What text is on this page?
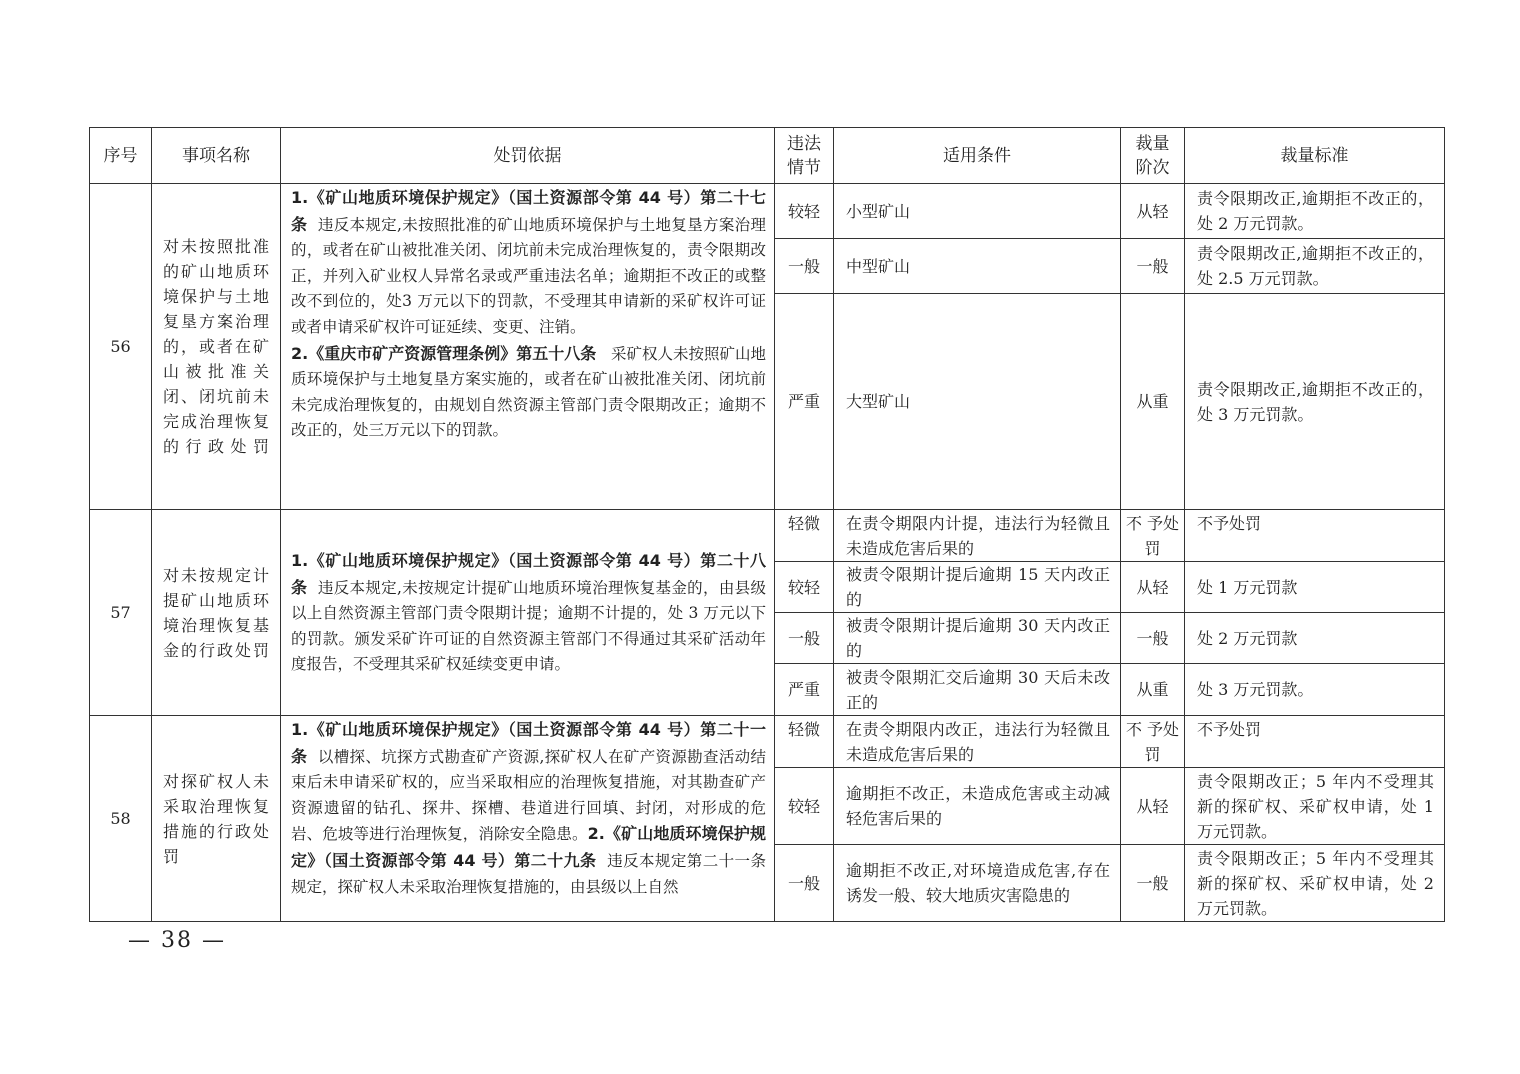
序号	事项名称	处罚依据	违法情节	适用条件	裁量阶次	裁量标准
56	对未按照批准的矿山地质环境保护与土地复垦方案治理的，或者在矿山被批准关闭、闭坑前未完成治理恢复的行政处罚	1.《矿山地质环境保护规定》（国土资源部令第 44 号）第二十七条 违反本规定,未按照批准的矿山地质环境保护与土地复垦方案治理的，或者在矿山被批准关闭、闭坑前未完成治理恢复的，责令限期改正，并列入矿业权人异常名录或严重违法名单；逾期拒不改正的或整改不到位的，处3 万元以下的罚款，不受理其申请新的采矿权许可证或者申请采矿权许可证延续、变更、注销。
2.《重庆市矿产资源管理条例》第五十八条 采矿权人未按照矿山地质环境保护与土地复垦方案实施的，或者在矿山被批准关闭、闭坑前未完成治理恢复的，由规划自然资源主管部门责令限期改正；逾期不改正的，处三万元以下的罚款。	较轻	小型矿山	从轻	责令限期改正,逾期拒不改正的，处 2 万元罚款。
			一般	中型矿山	一般	责令限期改正,逾期拒不改正的，处 2.5 万元罚款。
			严重	大型矿山	从重	责令限期改正,逾期拒不改正的，处 3 万元罚款。
57	对未按规定计提矿山地质环境治理恢复基金的行政处罚	1.《矿山地质环境保护规定》（国土资源部令第 44 号）第二十八条 违反本规定,未按规定计提矿山地质环境治理恢复基金的，由县级以上自然资源主管部门责令限期计提；逾期不计提的，处 3 万元以下的罚款。颁发采矿许可证的自然资源主管部门不得通过其采矿活动年度报告，不受理其采矿权延续变更申请。	轻微	在责令期限内计提，违法行为轻微且未造成危害后果的	不 予处罚	不予处罚
			较轻	被责令限期计提后逾期 15 天内改正的	从轻	处 1 万元罚款
			一般	被责令限期计提后逾期 30 天内改正的	一般	处 2 万元罚款
			严重	被责令限期汇交后逾期 30 天后未改正的	从重	处 3 万元罚款。
58	对探矿权人未采取治理恢复措施的行政处罚	1.《矿山地质环境保护规定》（国土资源部令第 44 号）第二十一条 以槽探、坑探方式勘查矿产资源,探矿权人在矿产资源勘查活动结束后未申请采矿权的，应当采取相应的治理恢复措施，对其勘查矿产资源遗留的钻孔、探井、探槽、巷道进行回填、封闭，对形成的危岩、危坡等进行治理恢复，消除安全隐患。2.《矿山地质环境保护规定》（国土资源部令第 44 号）第二十九条 违反本规定第二十一条规定，探矿权人未采取治理恢复措施的，由县级以上自然	轻微	在责令期限内改正，违法行为轻微且未造成危害后果的	不 予处罚	不予处罚
			较轻	逾期拒不改正，未造成危害或主动减轻危害后果的	从轻	责令限期改正；5 年内不受理其新的探矿权、采矿权申请，处 1 万元罚款。
			一般	逾期拒不改正,对环境造成危害,存在诱发一般、较大地质灾害隐患的	一般	责令限期改正；5 年内不受理其新的探矿权、采矿权申请，处 2 万元罚款。
— 38 —
